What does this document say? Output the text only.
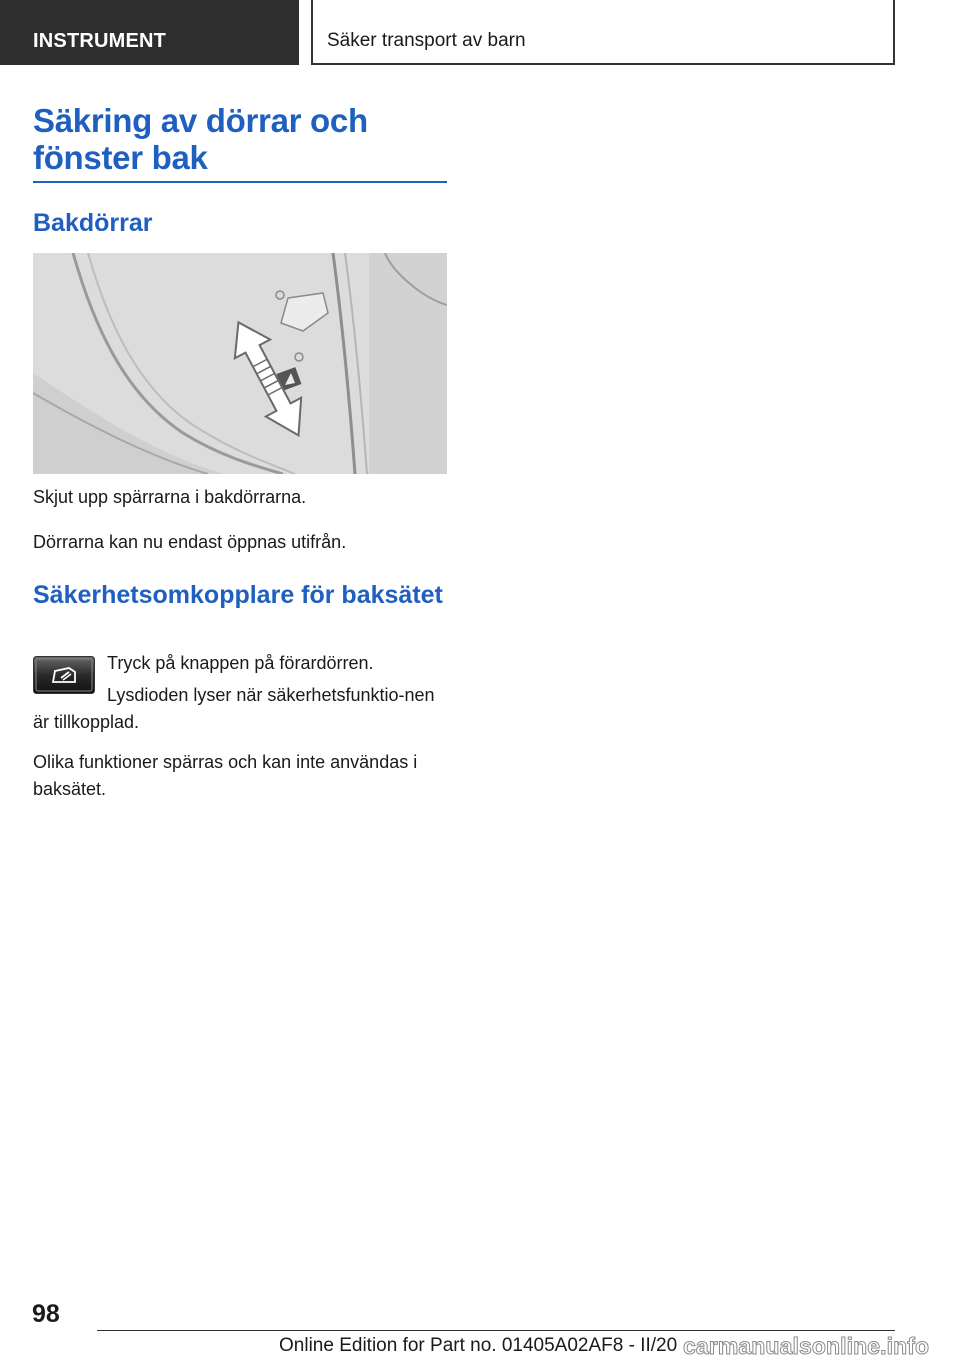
INSTRUMENT	Säker transport av barn
Säkring av dörrar och fönster bak
Bakdörrar
Skjut upp spärrarna i bakdörrarna.
Dörrarna kan nu endast öppnas utifrån.
Säkerhetsomkopplare för baksätet
Tryck på knappen på förardörren.
Lysdioden lyser när säkerhetsfunktio-nen är tillkopplad.
Olika funktioner spärras och kan inte användas i baksätet.
98
Online Edition for Part no. 01405A02AF8 - II/20 carmanualsonline.info
